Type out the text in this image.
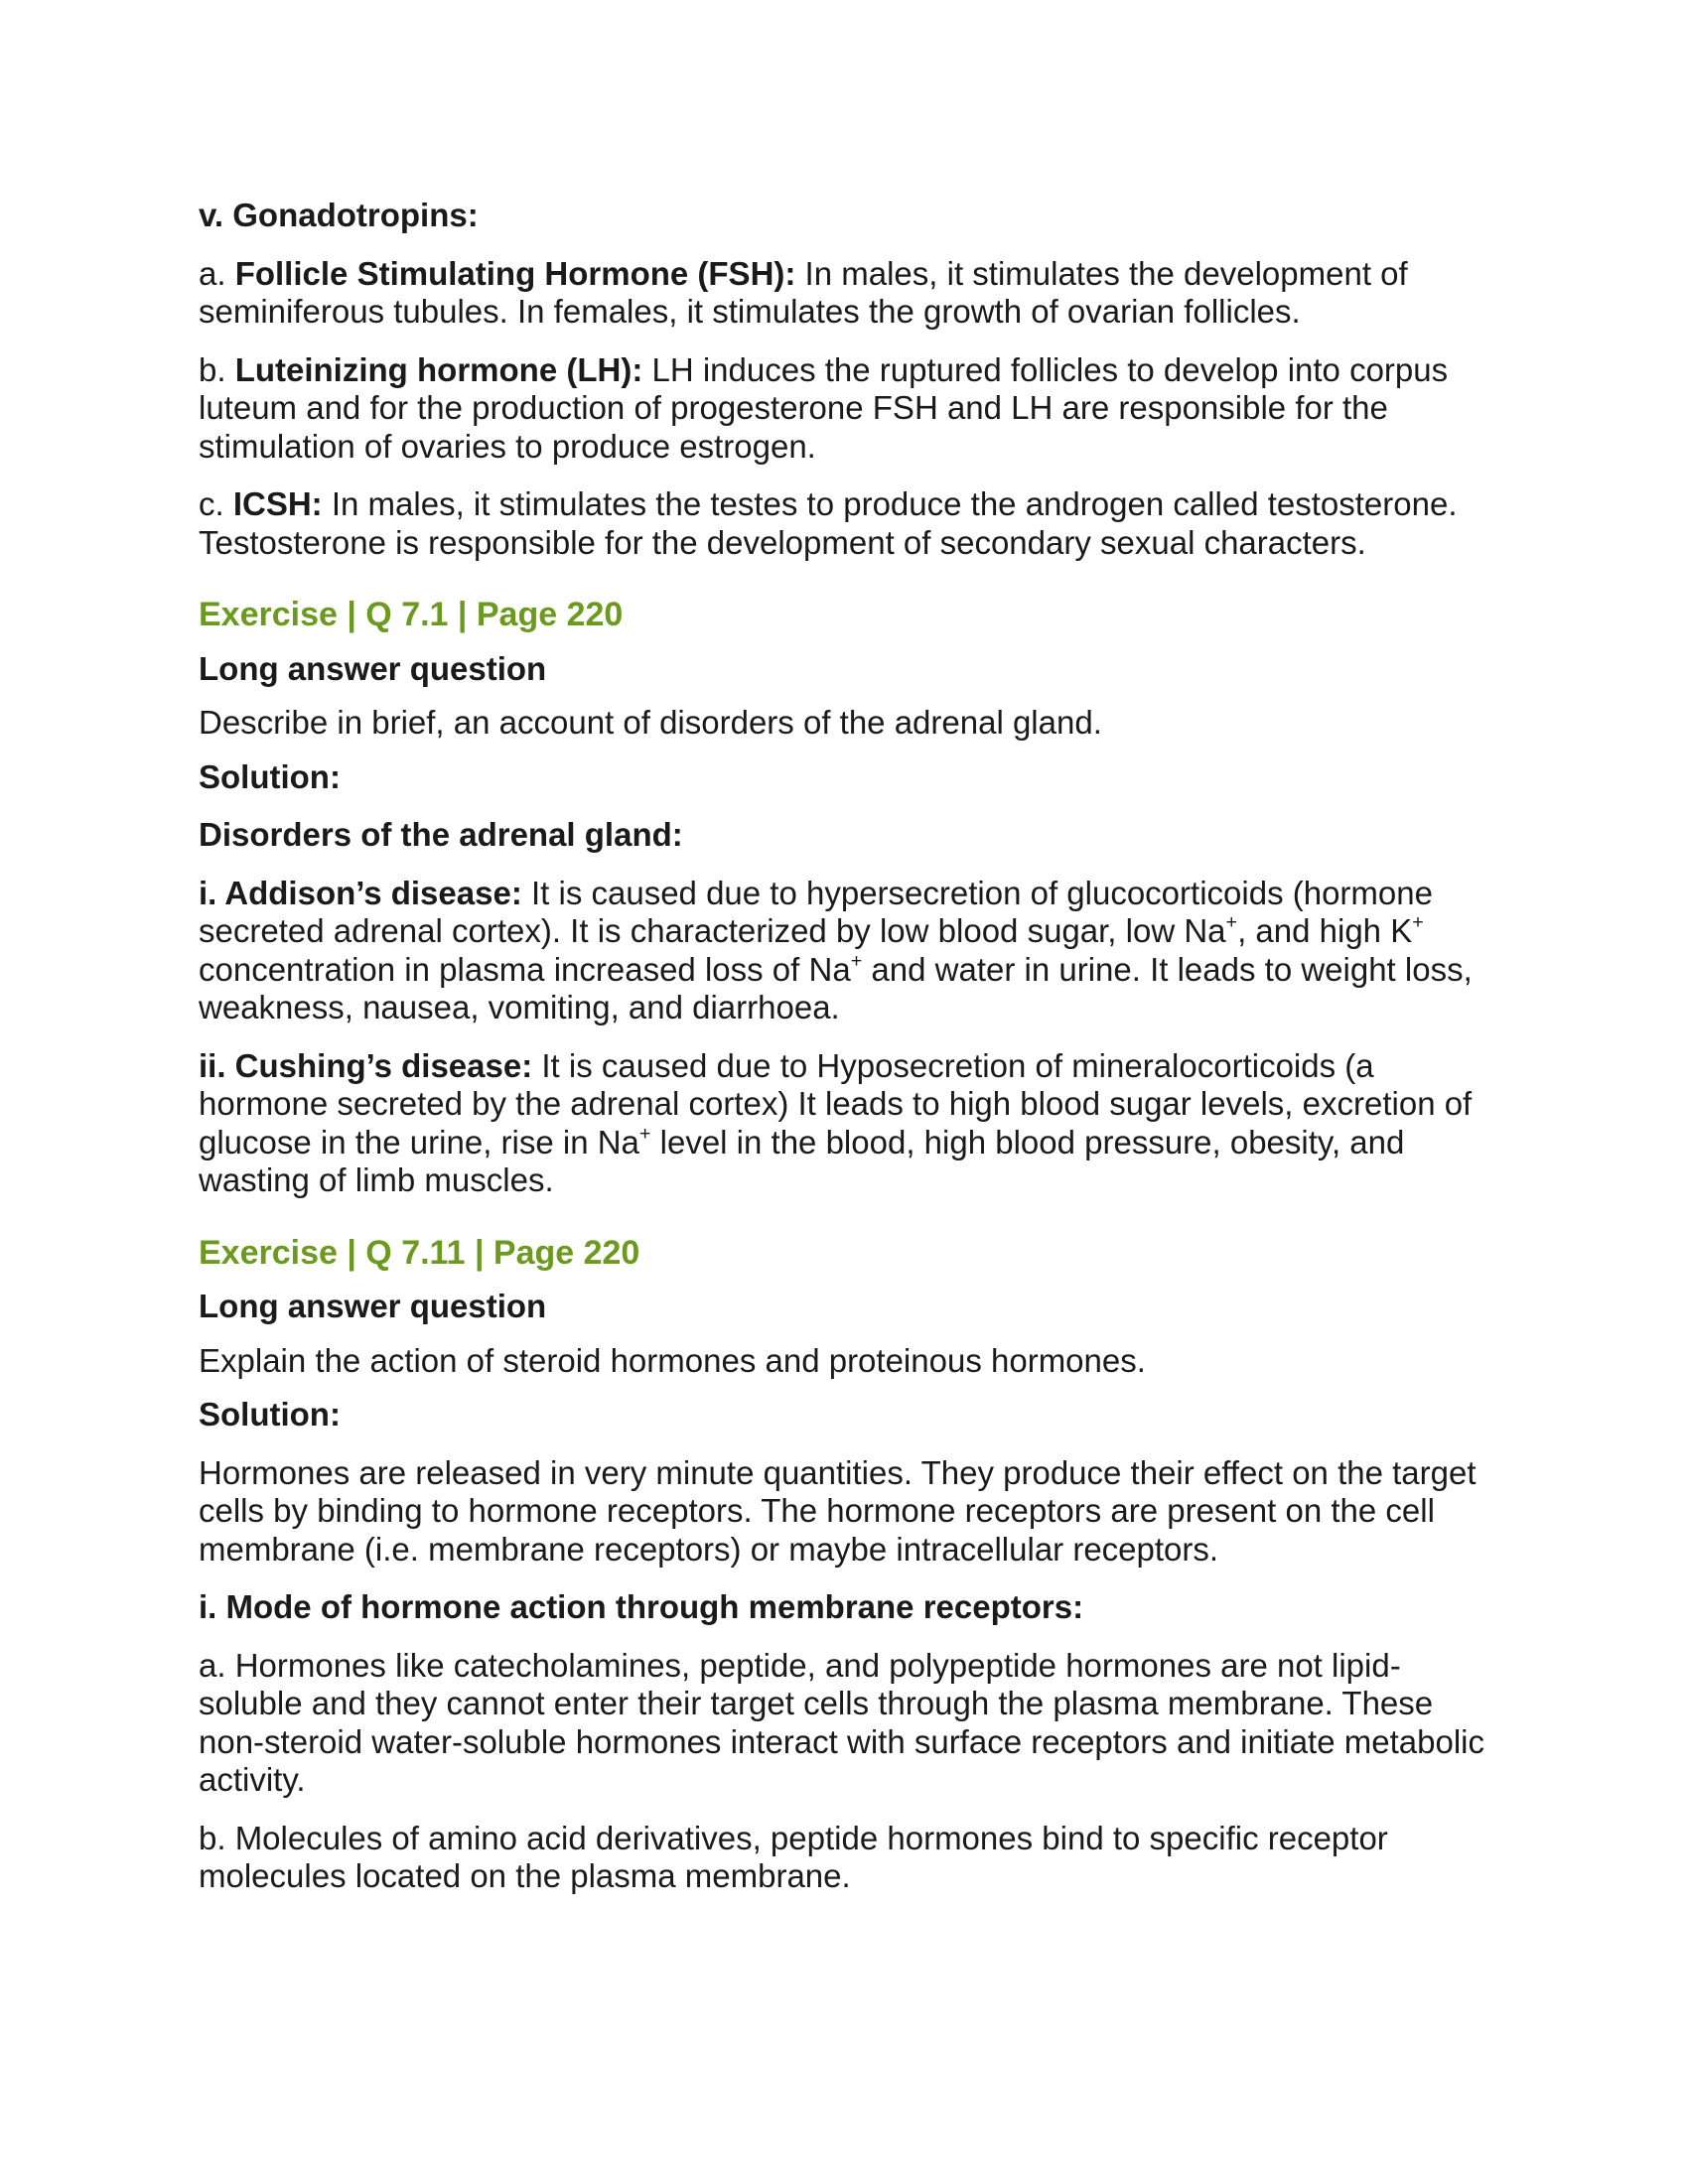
v. Gonadotropins:

a. Follicle Stimulating Hormone (FSH): In males, it stimulates the development of seminiferous tubules. In females, it stimulates the growth of ovarian follicles.

b. Luteinizing hormone (LH): LH induces the ruptured follicles to develop into corpus luteum and for the production of progesterone FSH and LH are responsible for the stimulation of ovaries to produce estrogen.

c. ICSH: In males, it stimulates the testes to produce the androgen called testosterone. Testosterone is responsible for the development of secondary sexual characters.

Exercise | Q 7.1 | Page 220

Long answer question

Describe in brief, an account of disorders of the adrenal gland.

Solution:

Disorders of the adrenal gland:

i. Addison’s disease: It is caused due to hypersecretion of glucocorticoids (hormone secreted adrenal cortex). It is characterized by low blood sugar, low Na+, and high K+ concentration in plasma increased loss of Na+ and water in urine. It leads to weight loss, weakness, nausea, vomiting, and diarrhoea.

ii. Cushing’s disease: It is caused due to Hyposecretion of mineralocorticoids (a hormone secreted by the adrenal cortex) It leads to high blood sugar levels, excretion of glucose in the urine, rise in Na+ level in the blood, high blood pressure, obesity, and wasting of limb muscles.

Exercise | Q 7.11 | Page 220

Long answer question

Explain the action of steroid hormones and proteinous hormones.

Solution:

Hormones are released in very minute quantities. They produce their effect on the target cells by binding to hormone receptors. The hormone receptors are present on the cell membrane (i.e. membrane receptors) or maybe intracellular receptors.

i. Mode of hormone action through membrane receptors:

a. Hormones like catecholamines, peptide, and polypeptide hormones are not lipid-soluble and they cannot enter their target cells through the plasma membrane. These non-steroid water-soluble hormones interact with surface receptors and initiate metabolic activity.

b. Molecules of amino acid derivatives, peptide hormones bind to specific receptor molecules located on the plasma membrane.
